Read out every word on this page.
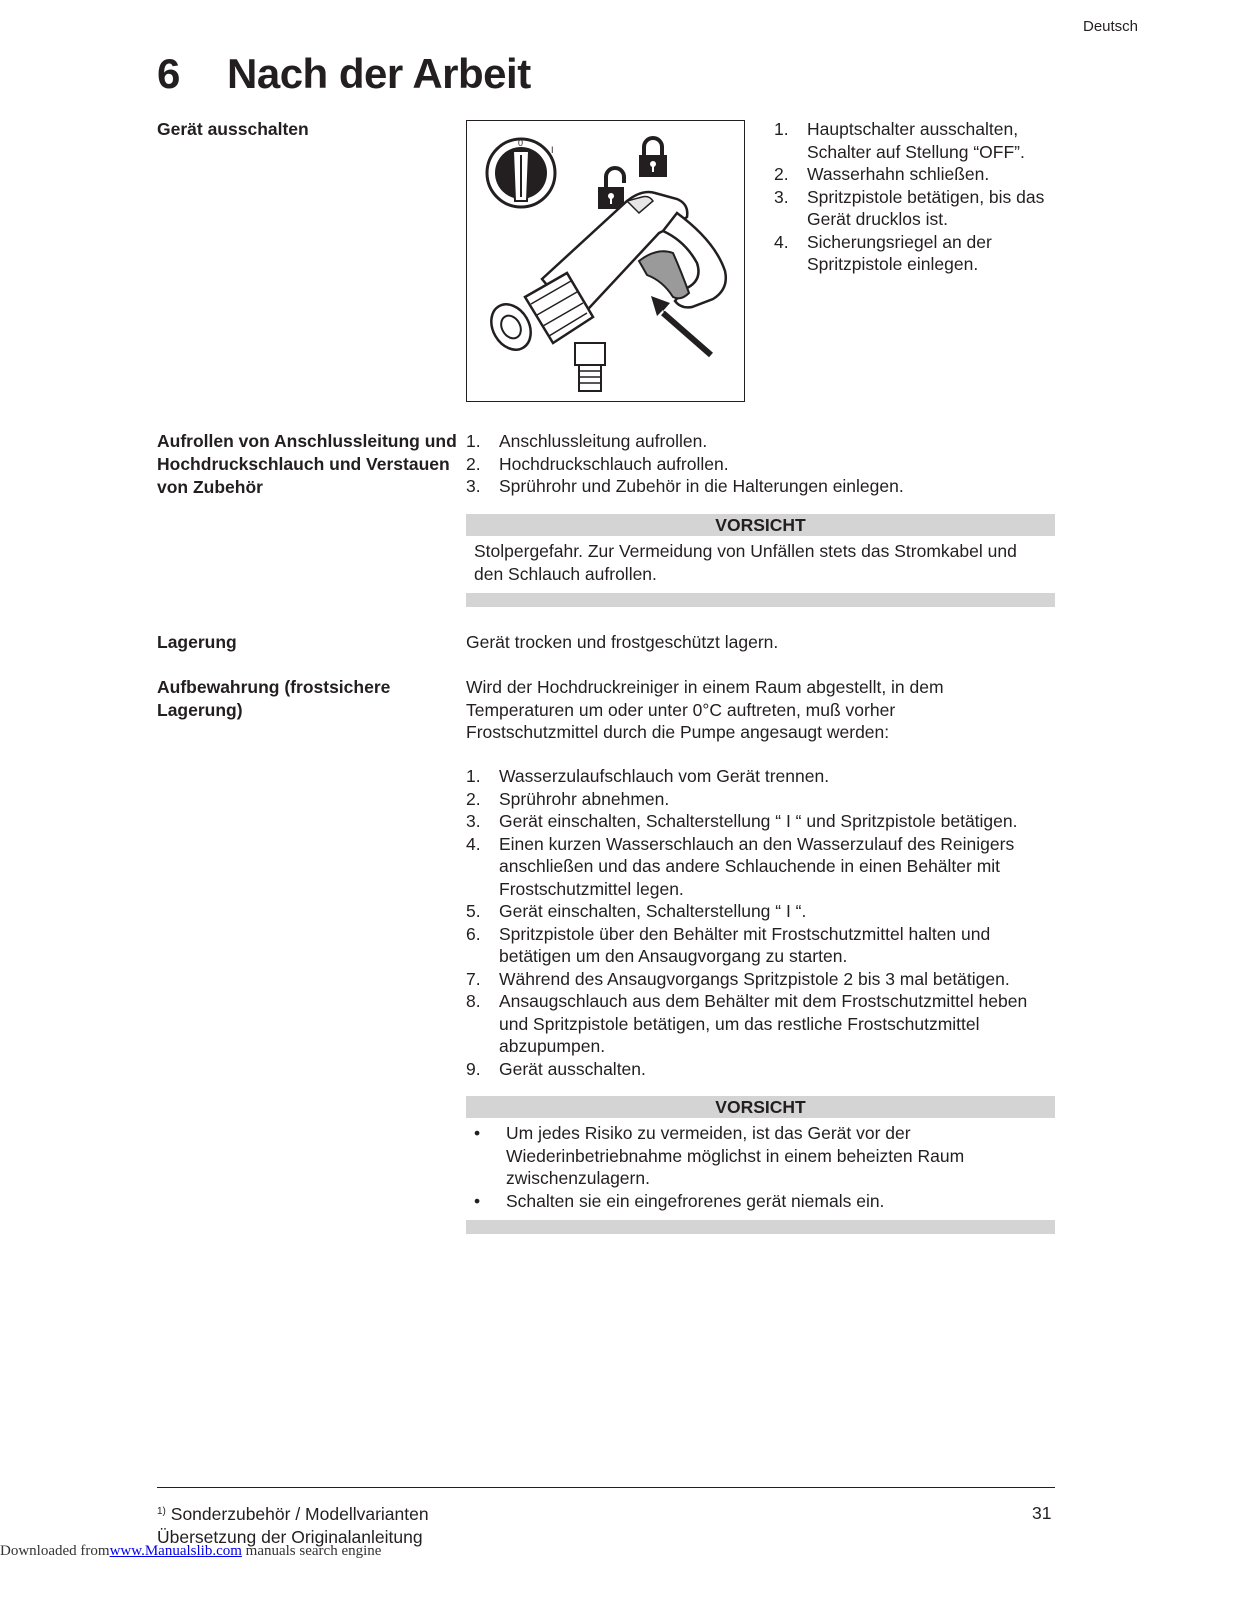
Deutsch
6 Nach der Arbeit
Gerät ausschalten
0
I
1. Hauptschalter ausschalten, Schalter auf Stellung “OFF”.
2. Wasserhahn schließen.
3. Spritzpistole betätigen, bis das Gerät drucklos ist.
4. Sicherungsriegel an der Spritzpistole einlegen.
Aufrollen von Anschlussleitung und Hochdruckschlauch und Verstauen von Zubehör
1. Anschlussleitung aufrollen.
2. Hochdruckschlauch aufrollen.
3. Sprührohr und Zubehör in die Halterungen einlegen.
VORSICHT
Stolpergefahr. Zur Vermeidung von Unfällen stets das Stromkabel und den Schlauch aufrollen.
Lagerung	Gerät trocken und frostgeschützt lagern.
Aufbewahrung (frostsichere Lagerung)
Wird der Hochdruckreiniger in einem Raum abgestellt, in dem Temperaturen um oder unter 0°C auftreten, muß vorher Frostschutzmittel durch die Pumpe angesaugt werden:
1. Wasserzulaufschlauch vom Gerät trennen.
2. Sprührohr abnehmen.
3. Gerät einschalten, Schalterstellung “ I “ und Spritzpistole betätigen.
4. Einen kurzen Wasserschlauch an den Wasserzulauf des Reinigers anschließen und das andere Schlauchende in einen Behälter mit Frostschutzmittel legen.
5. Gerät einschalten, Schalterstellung “ I “.
6. Spritzpistole über den Behälter mit Frostschutzmittel halten und betätigen um den Ansaugvorgang zu starten.
7. Während des Ansaugvorgangs Spritzpistole 2 bis 3 mal betätigen.
8. Ansaugschlauch aus dem Behälter mit dem Frostschutzmittel heben und Spritzpistole betätigen, um das restliche Frostschutzmittel abzupumpen.
9. Gerät ausschalten.
VORSICHT
• Um jedes Risiko zu vermeiden, ist das Gerät vor der Wiederinbetriebnahme möglichst in einem beheizten Raum zwischenzulagern.
• Schalten sie ein eingefrorenes gerät niemals ein.
$^{1)}$ Sonderzubehör / Modellvarianten
Übersetzung der Originalanleitung
31
Downloaded fromwww.Manualslib.com manuals search engine
